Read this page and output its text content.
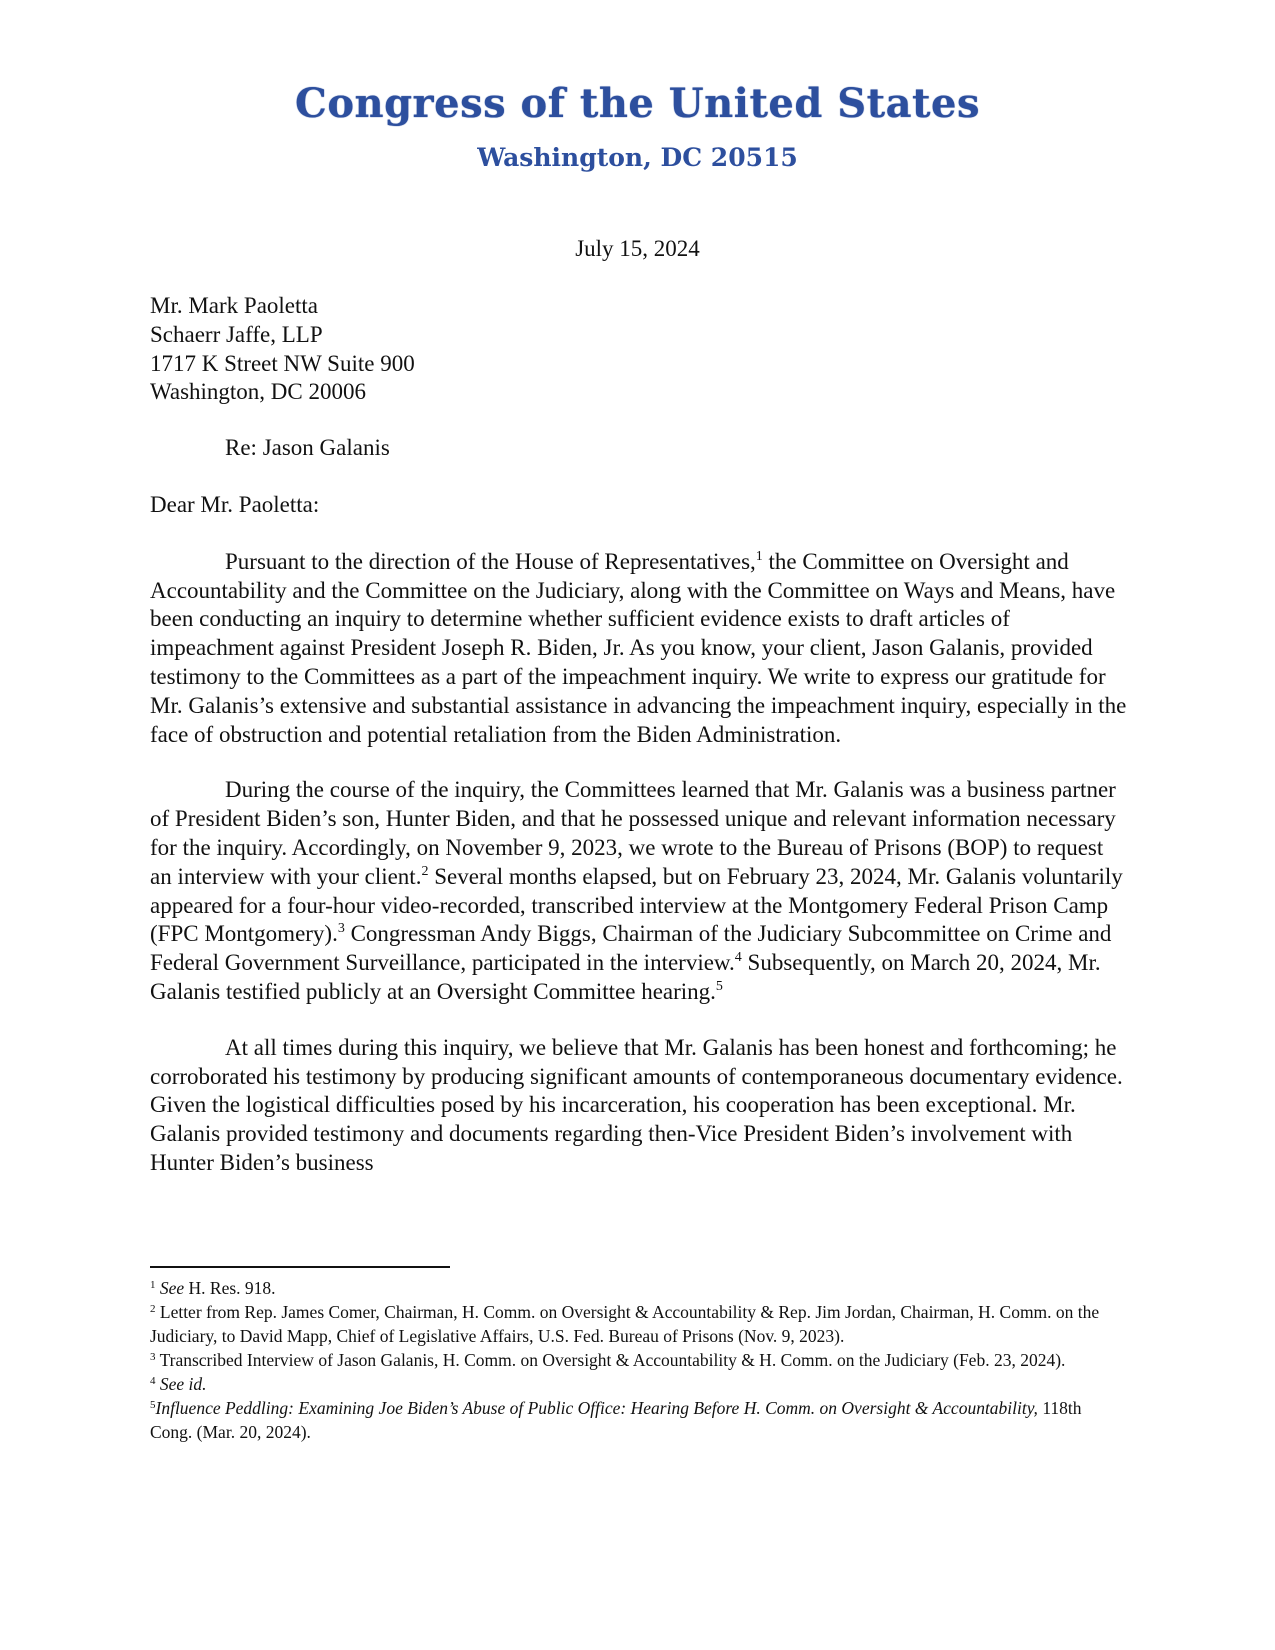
Congress of the United States
Washington, DC 20515
July 15, 2024
Mr. Mark Paoletta
Schaerr Jaffe, LLP
1717 K Street NW Suite 900
Washington, DC 20006
Re: Jason Galanis
Dear Mr. Paoletta:

Pursuant to the direction of the House of Representatives,$^1$ the Committee on Oversight and Accountability and the Committee on the Judiciary, along with the Committee on Ways and Means, have been conducting an inquiry to determine whether sufficient evidence exists to draft articles of impeachment against President Joseph R. Biden, Jr. As you know, your client, Jason Galanis, provided testimony to the Committees as a part of the impeachment inquiry. We write to express our gratitude for Mr. Galanis’s extensive and substantial assistance in advancing the impeachment inquiry, especially in the face of obstruction and potential retaliation from the Biden Administration.

During the course of the inquiry, the Committees learned that Mr. Galanis was a business partner of President Biden’s son, Hunter Biden, and that he possessed unique and relevant information necessary for the inquiry. Accordingly, on November 9, 2023, we wrote to the Bureau of Prisons (BOP) to request an interview with your client.$^2$ Several months elapsed, but on February 23, 2024, Mr. Galanis voluntarily appeared for a four-hour video-recorded, transcribed interview at the Montgomery Federal Prison Camp (FPC Montgomery).$^3$ Congressman Andy Biggs, Chairman of the Judiciary Subcommittee on Crime and Federal Government Surveillance, participated in the interview.$^4$ Subsequently, on March 20, 2024, Mr. Galanis testified publicly at an Oversight Committee hearing.$^5$

At all times during this inquiry, we believe that Mr. Galanis has been honest and forthcoming; he corroborated his testimony by producing significant amounts of contemporaneous documentary evidence. Given the logistical difficulties posed by his incarceration, his cooperation has been exceptional. Mr. Galanis provided testimony and documents regarding then-Vice President Biden’s involvement with Hunter Biden’s business

$^1$ See H. Res. 918.

$^2$ Letter from Rep. James Comer, Chairman, H. Comm. on Oversight & Accountability & Rep. Jim Jordan, Chairman, H. Comm. on the Judiciary, to David Mapp, Chief of Legislative Affairs, U.S. Fed. Bureau of Prisons (Nov. 9, 2023).

$^3$ Transcribed Interview of Jason Galanis, H. Comm. on Oversight & Accountability & H. Comm. on the Judiciary (Feb. 23, 2024).

$^4$ See id.

$^5$Influence Peddling: Examining Joe Biden’s Abuse of Public Office: Hearing Before H. Comm. on Oversight & Accountability, 118th Cong. (Mar. 20, 2024).
